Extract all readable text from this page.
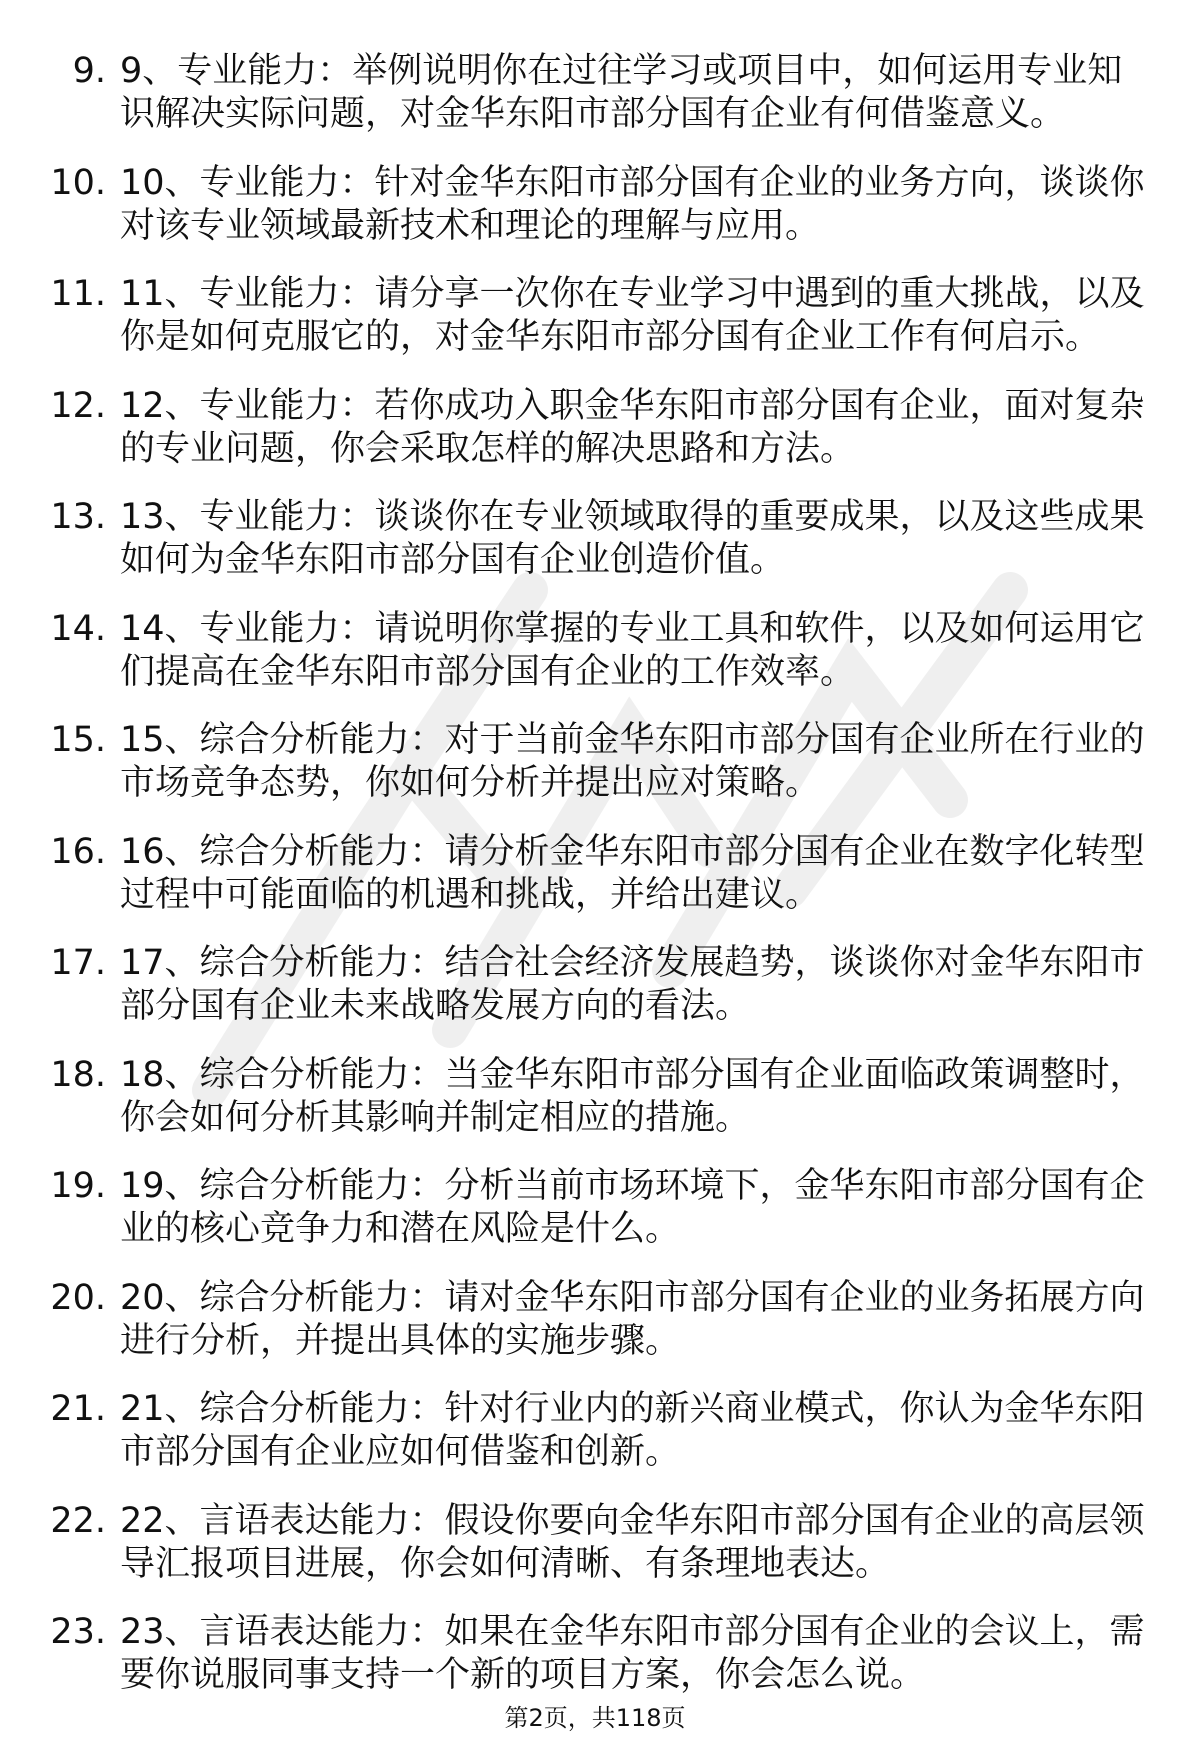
9. 9、专业能力：举例说明你在过往学习或项目中，如何运用专业知识解决实际问题，对金华东阳市部分国有企业有何借鉴意义。
10. 10、专业能力：针对金华东阳市部分国有企业的业务方向，谈谈你对该专业领域最新技术和理论的理解与应用。
11. 11、专业能力：请分享一次你在专业学习中遇到的重大挑战，以及你是如何克服它的，对金华东阳市部分国有企业工作有何启示。
12. 12、专业能力：若你成功入职金华东阳市部分国有企业，面对复杂的专业问题，你会采取怎样的解决思路和方法。
13. 13、专业能力：谈谈你在专业领域取得的重要成果，以及这些成果如何为金华东阳市部分国有企业创造价值。
14. 14、专业能力：请说明你掌握的专业工具和软件，以及如何运用它们提高在金华东阳市部分国有企业的工作效率。
15. 15、综合分析能力：对于当前金华东阳市部分国有企业所在行业的市场竞争态势，你如何分析并提出应对策略。
16. 16、综合分析能力：请分析金华东阳市部分国有企业在数字化转型过程中可能面临的机遇和挑战，并给出建议。
17. 17、综合分析能力：结合社会经济发展趋势，谈谈你对金华东阳市部分国有企业未来战略发展方向的看法。
18. 18、综合分析能力：当金华东阳市部分国有企业面临政策调整时，你会如何分析其影响并制定相应的措施。
19. 19、综合分析能力：分析当前市场环境下，金华东阳市部分国有企业的核心竞争力和潜在风险是什么。
20. 20、综合分析能力：请对金华东阳市部分国有企业的业务拓展方向进行分析，并提出具体的实施步骤。
21. 21、综合分析能力：针对行业内的新兴商业模式，你认为金华东阳市部分国有企业应如何借鉴和创新。
22. 22、言语表达能力：假设你要向金华东阳市部分国有企业的高层领导汇报项目进展，你会如何清晰、有条理地表达。
23. 23、言语表达能力：如果在金华东阳市部分国有企业的会议上，需要你说服同事支持一个新的项目方案，你会怎么说。
第2页，共118页
